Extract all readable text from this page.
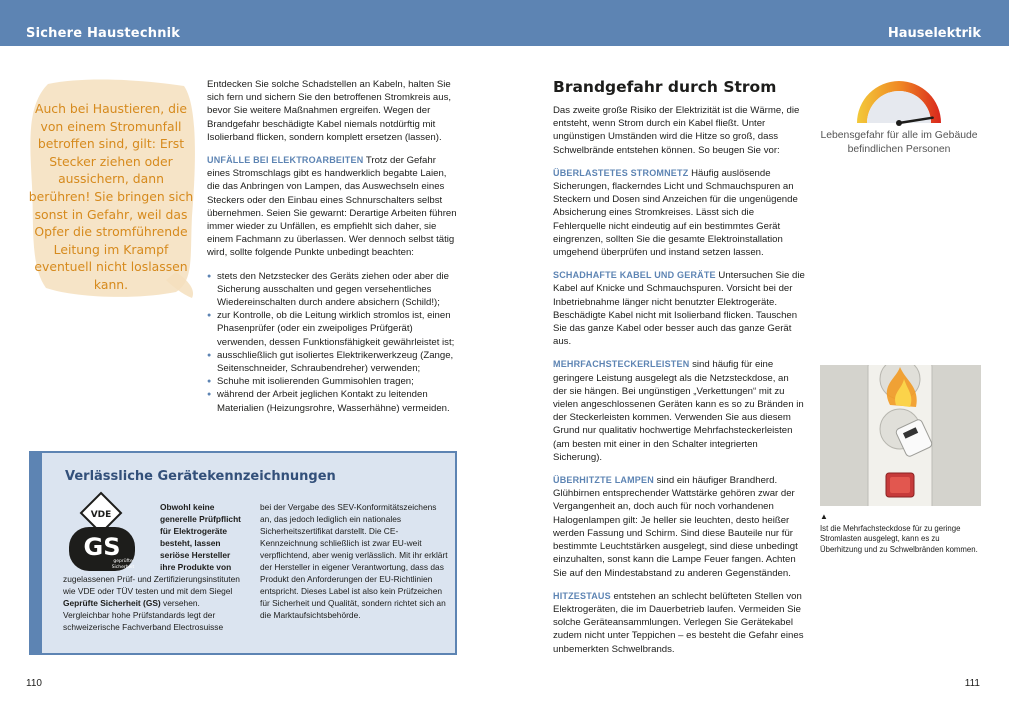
Sichere Haustechnik	Hauselektrik
Auch bei Haustieren, die von einem Stromunfall betroffen sind, gilt: Erst Stecker ziehen oder aussichern, dann berühren! Sie bringen sich sonst in Gefahr, weil das Opfer die stromführende Leitung im Krampf eventuell nicht loslassen kann.

Entdecken Sie solche Schadstellen an Kabeln, halten Sie sich fern und sichern Sie den betroffenen Stromkreis aus, bevor Sie weitere Maßnahmen ergreifen. Wegen der Brandgefahr beschädigte Kabel niemals notdürftig mit Isolierband flicken, sondern komplett ersetzen (lassen).

UNFÄLLE BEI ELEKTROARBEITEN Trotz der Gefahr eines Stromschlags gibt es handwerklich begabte Laien, die das Anbringen von Lampen, das Auswechseln eines Steckers oder den Einbau eines Schnurschalters selbst übernehmen. Seien Sie gewarnt: Derartige Arbeiten führen immer wieder zu Unfällen, es empfiehlt sich daher, sie einem Fachmann zu überlassen. Wer dennoch selbst tätig wird, sollte folgende Punkte unbedingt beachten:

● stets den Netzstecker des Geräts ziehen oder aber die Sicherung ausschalten und gegen versehentliches Wiedereinschalten durch andere absichern (Schild!);
● zur Kontrolle, ob die Leitung wirklich stromlos ist, einen Phasenprüfer (oder ein zweipoliges Prüfgerät) verwenden, dessen Funktionsfähigkeit gewährleistet ist;
● ausschließlich gut isoliertes Elektrikerwerkzeug (Zange, Seitenschneider, Schraubendreher) verwenden;
● Schuhe mit isolierenden Gummisohlen tragen;
● während der Arbeit jeglichen Kontakt zu leitenden Materialien (Heizungsrohre, Wasserhähne) vermeiden.
Verlässliche Gerätekennzeichnungen
VDE
GS
geprüfte
Sicherheit
Obwohl keine generelle Prüfpflicht für Elektrogeräte besteht, lassen seriöse Hersteller ihre Produkte von
zugelassenen Prüf- und Zertifizierungsinstituten wie VDE oder TÜV testen und mit dem Siegel Geprüfte Sicherheit (GS) versehen. Vergleichbar hohe Prüfstandards legt der schweizerische Fachverband Electrosuisse
bei der Vergabe des SEV-Konformitätszeichens an, das jedoch lediglich ein nationales Sicherheitszertifikat darstellt. Die CE-Kennzeichnung schließlich ist zwar EU-weit verpflichtend, aber wenig verlässlich. Mit ihr erklärt der Hersteller in eigener Verantwortung, dass das Produkt den Anforderungen der EU-Richtlinien entspricht. Dieses Label ist also kein Prüfzeichen für Sicherheit und Qualität, sondern richtet sich an die Marktaufsichtsbehörde.
110
Brandgefahr durch Strom

Das zweite große Risiko der Elektrizität ist die Wärme, die entsteht, wenn Strom durch ein Kabel fließt. Unter ungünstigen Umständen wird die Hitze so groß, dass Schwelbrände entstehen können. So beugen Sie vor:

ÜBERLASTETES STROMNETZ Häufig auslösende Sicherungen, flackerndes Licht und Schmauchspuren an Steckern und Dosen sind Anzeichen für die ungenügende Absicherung eines Stromkreises. Lässt sich die Fehlerquelle nicht eindeutig auf ein bestimmtes Gerät eingrenzen, sollten Sie die gesamte Elektroinstallation umgehend überprüfen und instand setzen lassen.

SCHADHAFTE KABEL UND GERÄTE Untersuchen Sie die Kabel auf Knicke und Schmauchspuren. Vorsicht bei der Inbetriebnahme länger nicht benutzter Elektrogeräte. Beschädigte Kabel nicht mit Isolierband flicken. Tauschen Sie das ganze Kabel oder besser auch das ganze Gerät aus.

MEHRFACHSTECKERLEISTEN sind häufig für eine geringere Leistung ausgelegt als die Netzsteckdose, an der sie hängen. Bei ungünstigen „Verkettungen“ mit zu vielen angeschlossenen Geräten kann es so zu Bränden in der Steckerleisten kommen. Verwenden Sie aus diesem Grund nur qualitativ hochwertige Mehrfachsteckerleisten (am besten mit einer in den Schalter integrierten Sicherung).

ÜBERHITZTE LAMPEN sind ein häufiger Brandherd. Glühbirnen entsprechender Wattstärke gehören zwar der Vergangenheit an, doch auch für noch vorhandenen Halogenlampen gilt: Je heller sie leuchten, desto heißer werden Fassung und Schirm. Sind diese Bauteile nur für bestimmte Leuchtstärken ausgelegt, sind diese unbedingt einzuhalten, sonst kann die Lampe Feuer fangen. Achten Sie auf den Mindestabstand zu anderen Gegenständen.

HITZESTAUS entstehen an schlecht belüfteten Stellen von Elektrogeräten, die im Dauerbetrieb laufen. Vermeiden Sie solche Geräteansammlungen. Verlegen Sie Gerätekabel zudem nicht unter Teppichen – es besteht die Gefahr eines unbemerkten Schwelbrands.

Lebensgefahr für alle im Gebäude befindlichen Personen
▲
Ist die Mehrfachsteckdose für zu geringe Stromlasten ausgelegt, kann es zu Überhitzung und zu Schwelbränden kommen.
111
